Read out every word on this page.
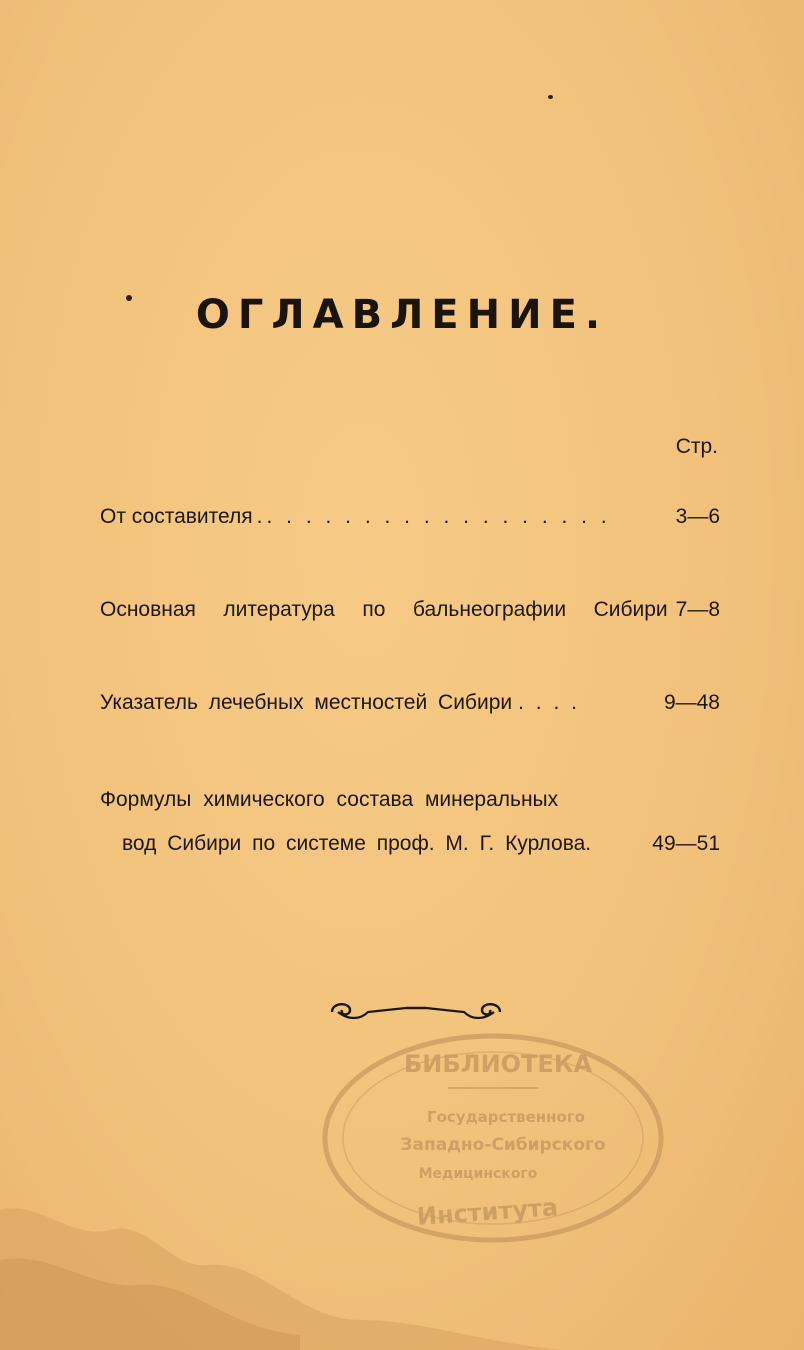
ОГЛАВЛЕНИЕ.
Стр.
От составителя .. . . . . . . . . . . . . . . . . .	3—6
Основная литература по бальнеографии Сибири 7—8
Указатель лечебных местностей Сибири . . . .	9—48
Формулы химического состава минеральных
вод Сибири по системе проф. М. Г. Курлова.	49—51
БИБЛИОТЕКА
Государственного
Западно-Сибирского
Медицинского
Института
